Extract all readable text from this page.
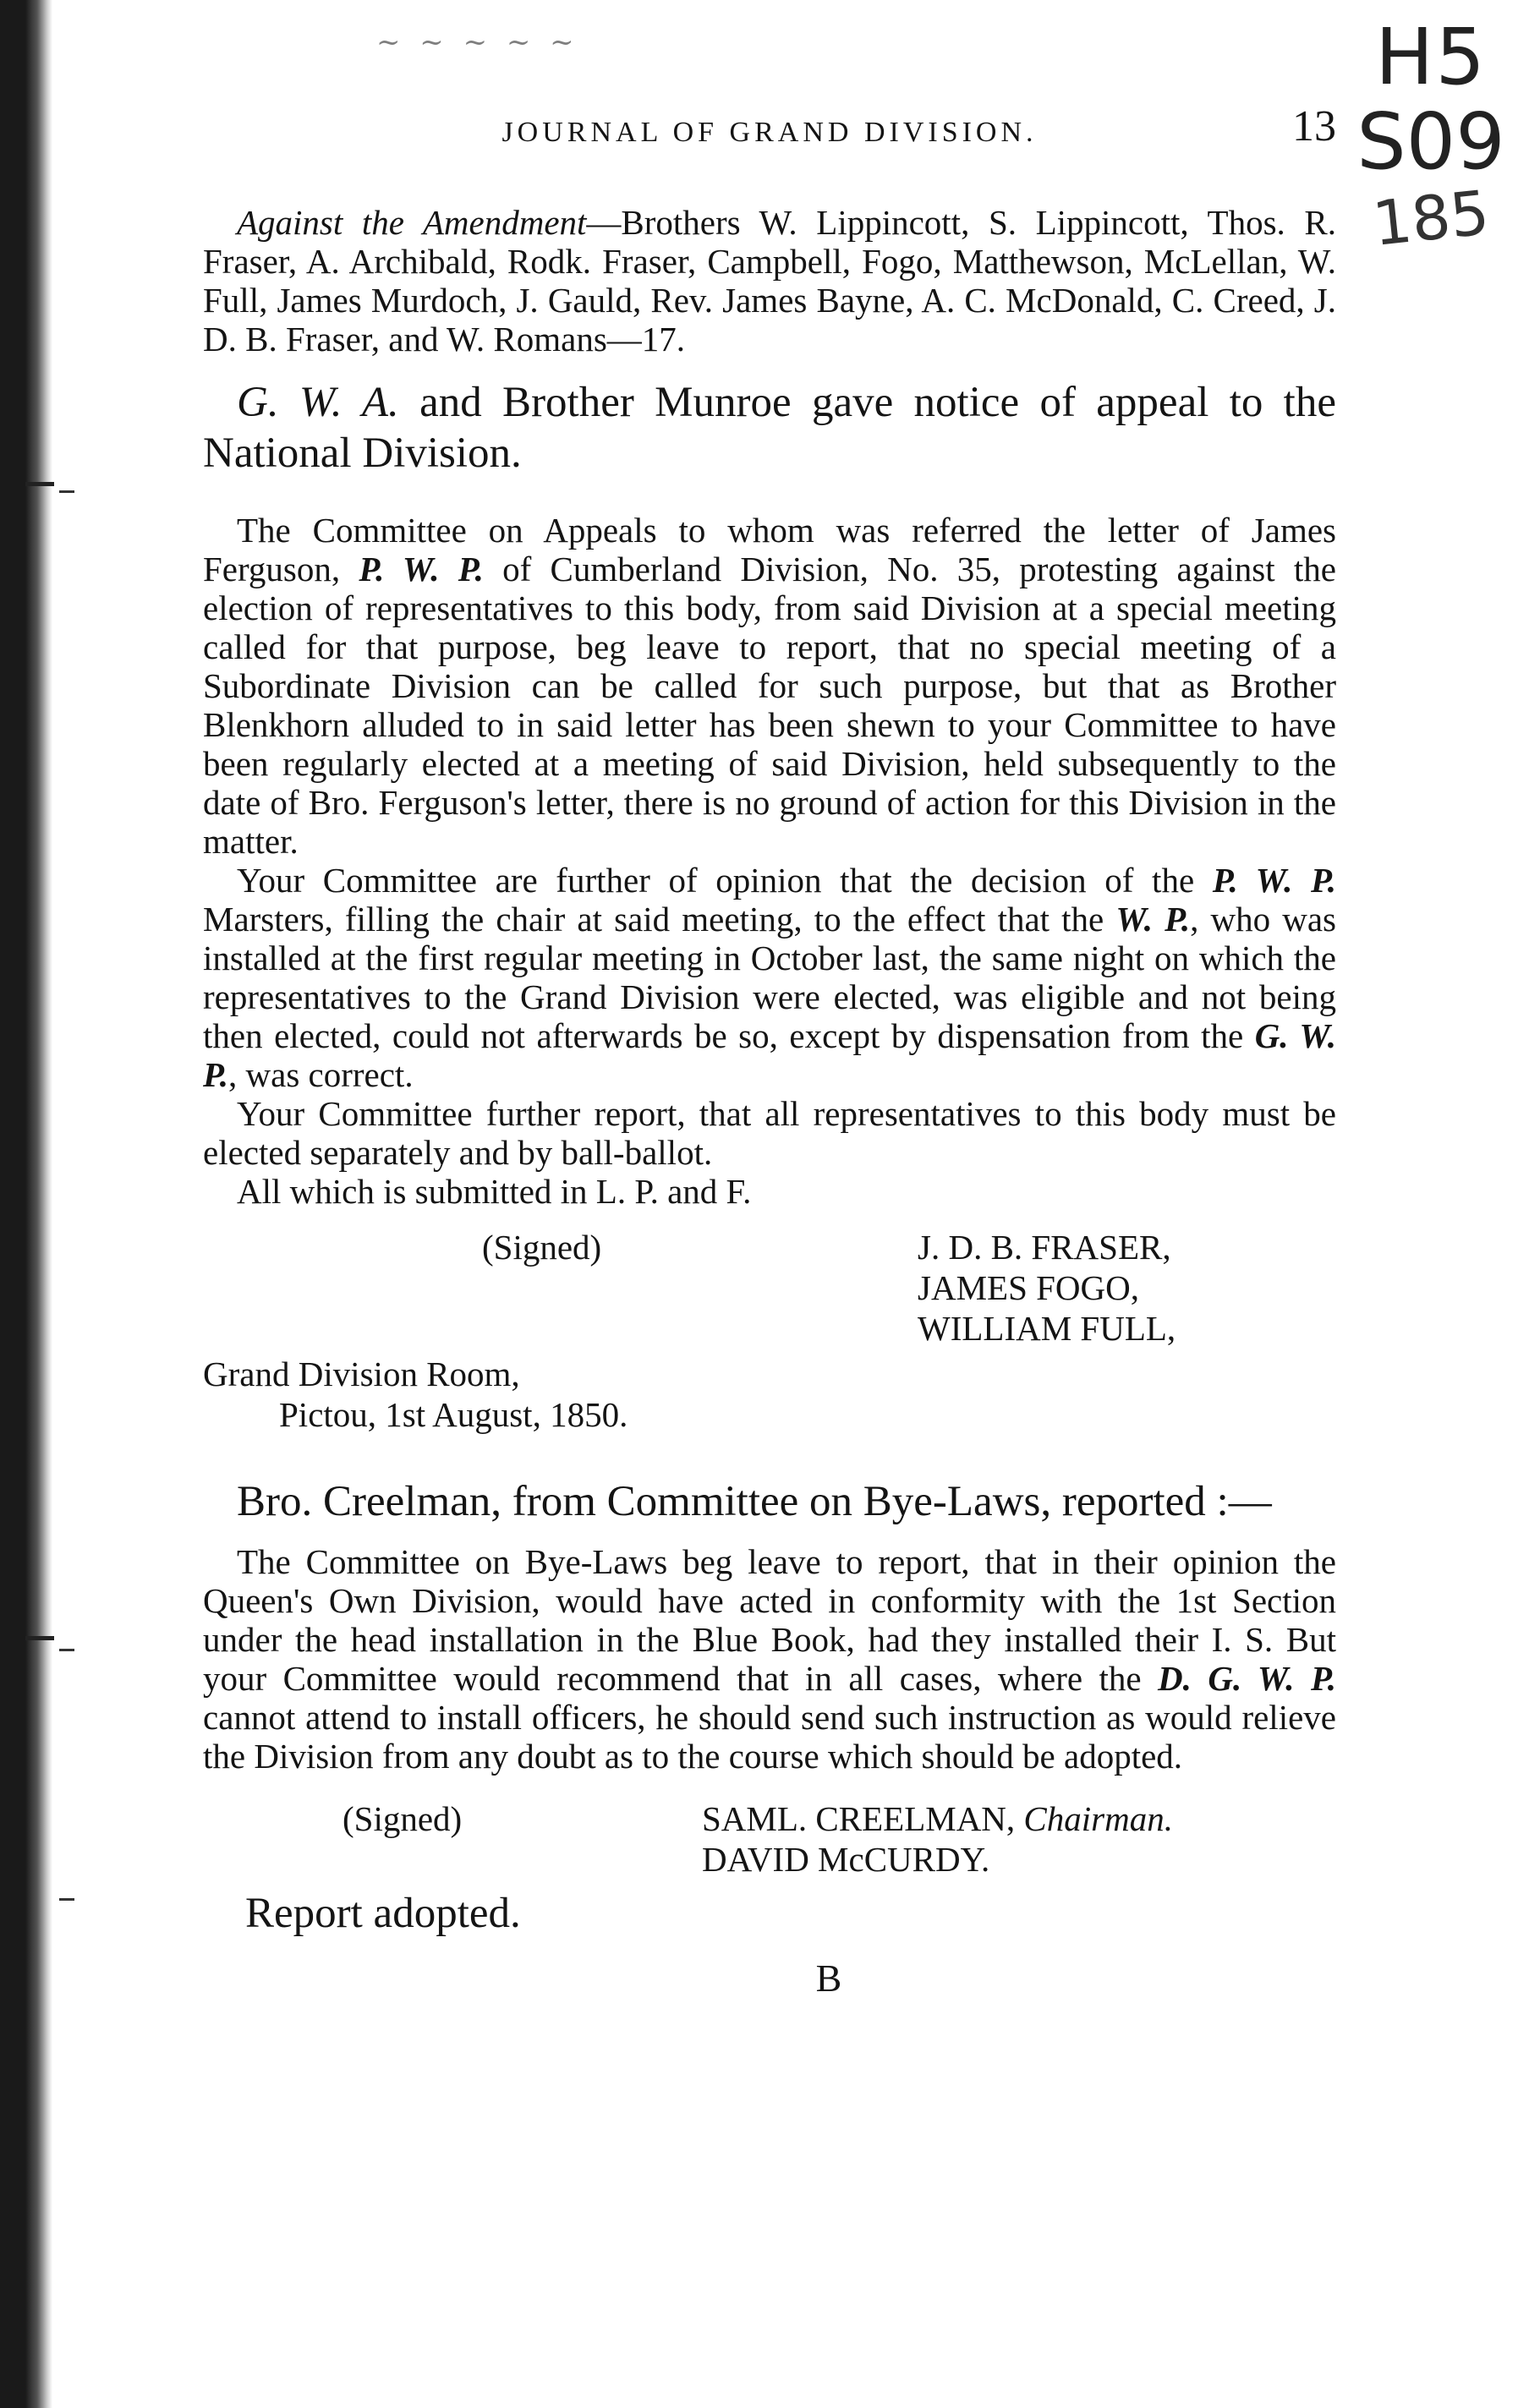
~ ~ ~ ~ ~	H5
S09
185
JOURNAL OF GRAND DIVISION.	13

Against the Amendment—Brothers W. Lippincott, S. Lippincott, Thos. R. Fraser, A. Archibald, Rodk. Fraser, Campbell, Fogo, Matthewson, McLellan, W. Full, James Murdoch, J. Gauld, Rev. James Bayne, A. C. McDonald, C. Creed, J. D. B. Fraser, and W. Romans—17.

G. W. A. and Brother Munroe gave notice of appeal to the National Division.

The Committee on Appeals to whom was referred the letter of James Ferguson, P. W. P. of Cumberland Division, No. 35, protesting against the election of representatives to this body, from said Division at a special meeting called for that purpose, beg leave to report, that no special meeting of a Subordinate Division can be called for such purpose, but that as Brother Blenkhorn alluded to in said letter has been shewn to your Committee to have been regularly elected at a meeting of said Division, held subsequently to the date of Bro. Ferguson's letter, there is no ground of action for this Division in the matter.

Your Committee are further of opinion that the decision of the P. W. P. Marsters, filling the chair at said meeting, to the effect that the W. P., who was installed at the first regular meeting in October last, the same night on which the representatives to the Grand Division were elected, was eligible and not being then elected, could not afterwards be so, except by dispensation from the G. W. P., was correct.

Your Committee further report, that all representatives to this body must be elected separately and by ball-ballot.

All which is submitted in L. P. and F.

(Signed)	J. D. B. FRASER,
JAMES FOGO,
WILLIAM FULL,
Grand Division Room,
Pictou, 1st August, 1850.

Bro. Creelman, from Committee on Bye-Laws, reported :—

The Committee on Bye-Laws beg leave to report, that in their opinion the Queen's Own Division, would have acted in conformity with the 1st Section under the head installation in the Blue Book, had they installed their I. S. But your Committee would recommend that in all cases, where the D. G. W. P. cannot attend to install officers, he should send such instruction as would relieve the Division from any doubt as to the course which should be adopted.

(Signed)	SAML. CREELMAN, Chairman.
DAVID McCURDY.

Report adopted.

B
